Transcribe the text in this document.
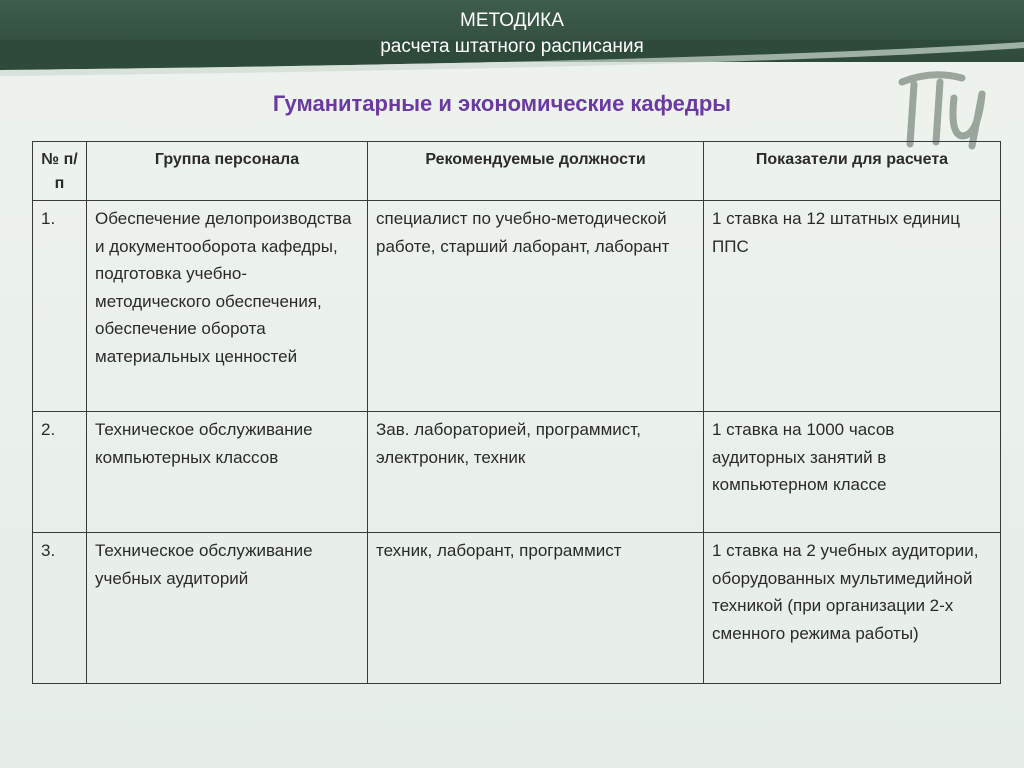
МЕТОДИКА
расчета штатного расписания
Гуманитарные и экономические кафедры
№ п/п	Группа персонала	Рекомендуемые должности	Показатели для расчета
1.	Обеспечение делопроизводства и документооборота кафедры, подготовка учебно-методического обеспечения, обеспечение оборота материальных ценностей	специалист по учебно-методической работе, старший лаборант, лаборант	1 ставка на 12 штатных единиц ППС
2.	Техническое обслуживание компьютерных классов	Зав. лабораторией, программист, электроник, техник	1 ставка на 1000 часов аудиторных занятий в компьютерном классе
3.	Техническое обслуживание учебных аудиторий	техник, лаборант, программист	1 ставка на 2 учебных аудитории, оборудованных мультимедийной техникой (при организации 2-х сменного режима работы)
